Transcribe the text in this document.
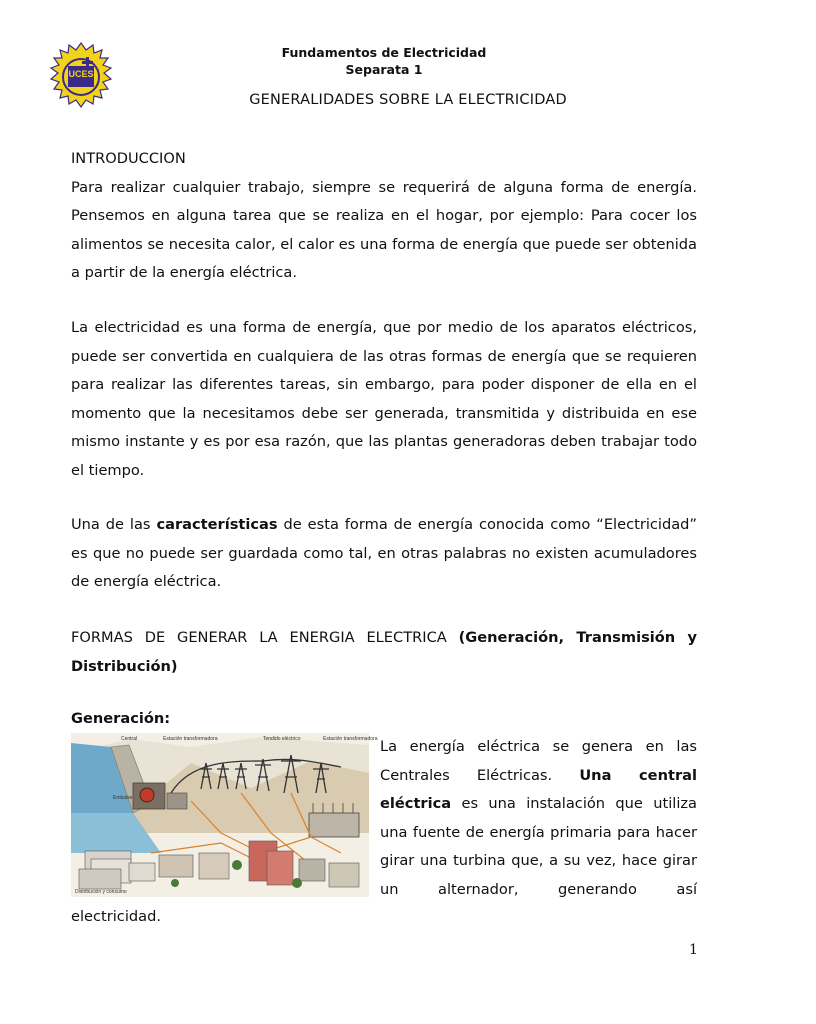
UCES
Fundamentos de Electricidad
Separata 1
GENERALIDADES SOBRE LA ELECTRICIDAD

INTRODUCCION

Para realizar cualquier trabajo, siempre se requerirá de alguna forma de energía. Pensemos en alguna tarea que se realiza en el hogar, por ejemplo: Para cocer los alimentos se necesita calor, el calor es una forma de energía que puede ser obtenida a partir de la energía eléctrica.

La electricidad es una forma de energía, que por medio de los aparatos eléctricos, puede ser convertida en cualquiera de las otras formas de energía que se requieren para realizar las diferentes tareas, sin embargo, para poder disponer de ella en el momento que la necesitamos debe ser generada, transmitida y distribuida en ese mismo instante y es por esa razón, que las plantas generadoras deben trabajar todo el tiempo.

Una de las características de esta forma de energía conocida como “Electricidad” es que no puede ser guardada como tal, en otras palabras no existen acumuladores de energía eléctrica.

FORMAS DE GENERAR LA ENERGIA ELECTRICA (Generación, Transmisión y Distribución)

Generación:
Central	Estación transformadora	Tendido eléctrico	Estación transformadora
Embalse
Distribución y consumo
La energía eléctrica se genera en las Centrales Eléctricas. Una central eléctrica es una instalación que utiliza una fuente de energía primaria para hacer girar una turbina que, a su vez, hace girar un alternador, generando así
electricidad.
1
